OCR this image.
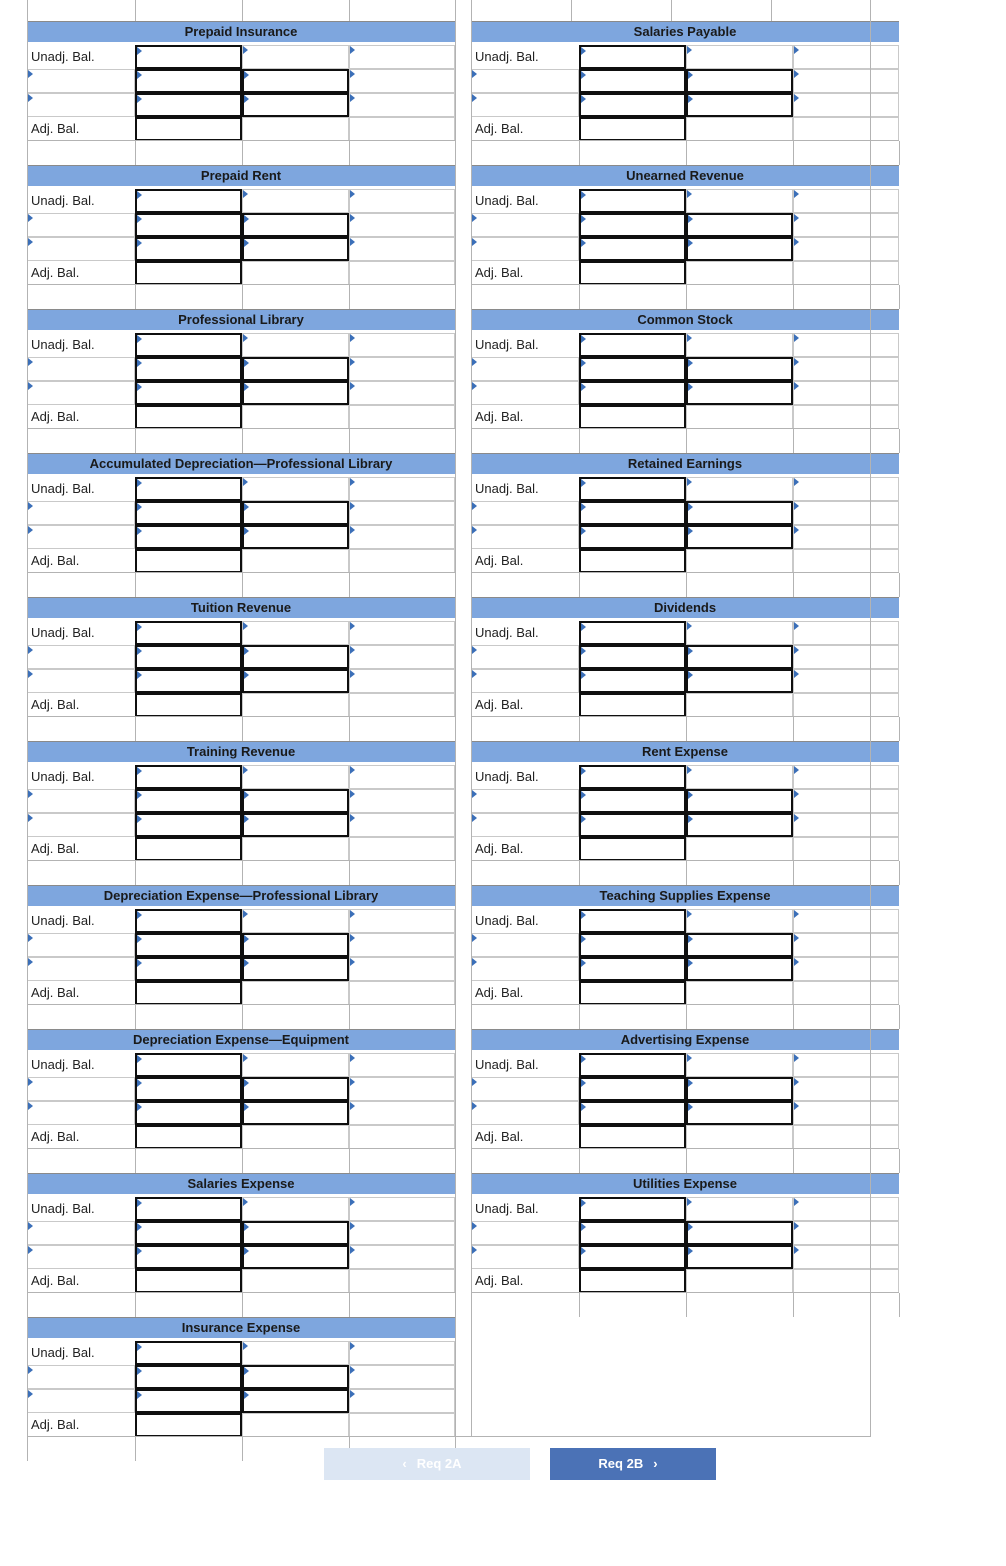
Prepaid Insurance
Unadj. Bal.
Adj. Bal.
Prepaid Rent
Unadj. Bal.
Adj. Bal.
Professional Library
Unadj. Bal.
Adj. Bal.
Accumulated Depreciation—Professional Library
Unadj. Bal.
Adj. Bal.
Tuition Revenue
Unadj. Bal.
Adj. Bal.
Training Revenue
Unadj. Bal.
Adj. Bal.
Depreciation Expense—Professional Library
Unadj. Bal.
Adj. Bal.
Depreciation Expense—Equipment
Unadj. Bal.
Adj. Bal.
Salaries Expense
Unadj. Bal.
Adj. Bal.
Insurance Expense
Unadj. Bal.
Adj. Bal.
Salaries Payable
Unadj. Bal.
Adj. Bal.
Unearned Revenue
Unadj. Bal.
Adj. Bal.
Common Stock
Unadj. Bal.
Adj. Bal.
Retained Earnings
Unadj. Bal.
Adj. Bal.
Dividends
Unadj. Bal.
Adj. Bal.
Rent Expense
Unadj. Bal.
Adj. Bal.
Teaching Supplies Expense
Unadj. Bal.
Adj. Bal.
Advertising Expense
Unadj. Bal.
Adj. Bal.
Utilities Expense
Unadj. Bal.
Adj. Bal.
‹ Req 2A	Req 2B ›
